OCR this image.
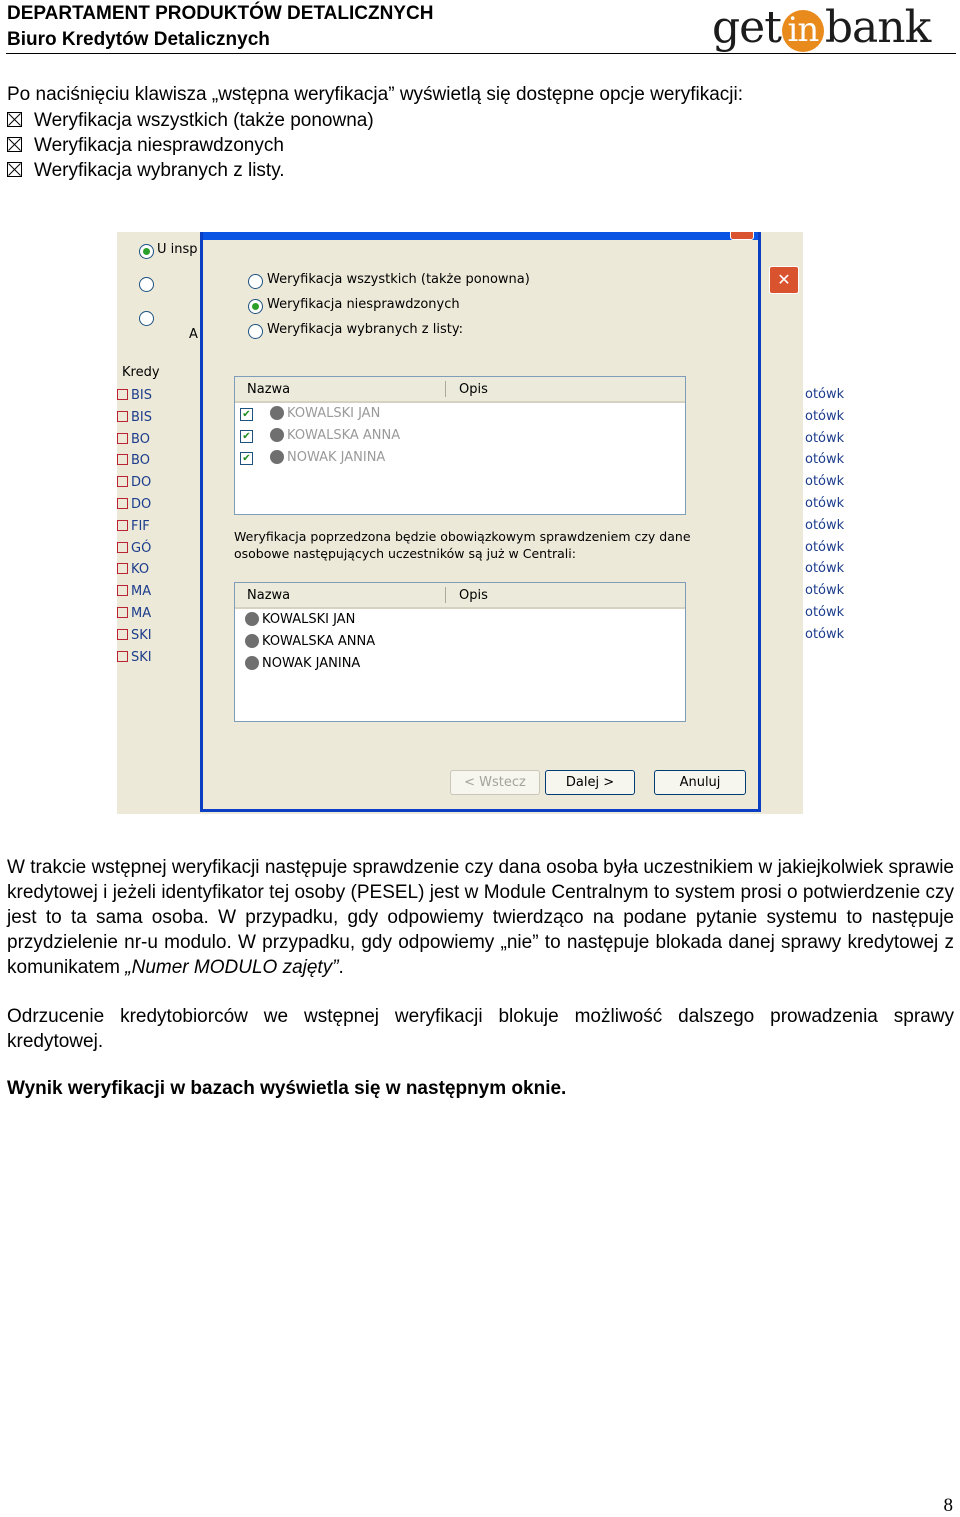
DEPARTAMENT PRODUKTÓW DETALICZNYCH
Biuro Kredytów Detalicznych	get in bank
Po naciśnięciu klawisza „wstępna weryfikacja” wyświetlą się dostępne opcje weryfikacji:
Weryfikacja wszystkich (także ponowna)
Weryfikacja niesprawdzonych
Weryfikacja wybranych z listy.
U insp
A
Kredy
BIS
BIS
BO
BO
DO
DO
FIF
GÓ
KO
MA
MA
SKI
SKI
otówk
otówk
otówk
otówk
otówk
otówk
otówk
otówk
otówk
otówk
otówk
otówk
✕
Weryfikacja wszystkich (także ponowna)
Weryfikacja niesprawdzonych
Weryfikacja wybranych z listy:
Nazwa	Opis
✔	KOWALSKI JAN
✔	KOWALSKA ANNA
✔	NOWAK JANINA
Weryfikacja poprzedzona będzie obowiązkowym sprawdzeniem czy dane osobowe następujących uczestników są już w Centrali:
Nazwa	Opis
KOWALSKI JAN
KOWALSKA ANNA
NOWAK JANINA
< Wstecz	Dalej >	Anuluj

W trakcie wstępnej weryfikacji następuje sprawdzenie czy dana osoba była uczestnikiem w jakiejkolwiek sprawie kredytowej i jeżeli identyfikator tej osoby (PESEL) jest w Module Centralnym to system prosi o potwierdzenie czy jest to ta sama osoba. W przypadku, gdy odpowiemy twierdząco na podane pytanie systemu to następuje przydzielenie nr-u modulo. W przypadku, gdy odpowiemy „nie” to następuje blokada danej sprawy kredytowej z komunikatem „Numer MODULO zajęty”.

Odrzucenie kredytobiorców we wstępnej weryfikacji blokuje możliwość dalszego prowadzenia sprawy kredytowej.

Wynik weryfikacji w bazach wyświetla się w następnym oknie.
8
